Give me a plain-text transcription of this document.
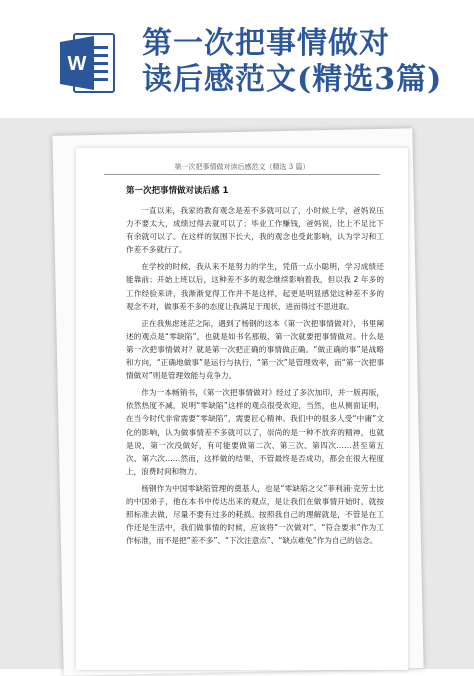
W
第一次把事情做对
读后感范文(精选3篇)
第一次把事情做对读后感范文（精选 3 篇）
第一次把事情做对读后感 1

一直以来，我家的教育观念是差不多就可以了，小时候上学，爸妈说压力不要太大，成绩过得去就可以了；毕业工作赚钱，爸妈说，比上不足比下有余就可以了。在这样的氛围下长大，我的观念也受此影响，认为学习和工作差不多就行了。

在学校的时候，我从来不是努力的学生，凭借一点小聪明，学习成绩还能靠前；开始上班以后，这种差不多的观念继续影响着我，但以我 2 年多的工作经验来讲，我渐渐觉得工作并不是这样，起更是明显感觉这种差不多的观念不对，做事差不多的态度让我满足于现状，进而得过不思进取。

正在我焦虑迷茫之际，遇到了杨钢的这本《第一次把事情做对》，书里阐述的观点是“零缺陷”，也就是如书名那般，第一次就要把事情做对。什么是第一次把事情做对？就是第一次把正确的事情做正确。“做正确的事”是战略和方向，“正确地做事”是运行与执行，“第一次”是管理效率，而“第一次把事情做对”则是管理效能与竞争力。

作为一本畅销书，《第一次把事情做对》经过了多次加印，并一版再版，依然热度不减，说明“零缺陷”这样的观点很受欢迎，当然，也从侧面证明，在当今时代非常需要“零缺陷”，需要匠心精神。我们中的很多人受“中庸”文化的影响，认为做事情差不多就可以了，崇尚的是一种不放弃的精神，也就是说，第一次没做好，有可能要做第二次、第三次、第四次……甚至第五次、第六次……然而，这样做的结果，不管最终是否成功，都会在很大程度上，浪费时间和物力。

杨钢作为中国零缺陷管理的奠基人，也是“零缺陷之父”菲利浦·克劳士比的中国弟子，他在本书中传达出来的观点，是让我们在做事情开始时，就按照标准去做，尽量不要有过多的耗损。按照我自己的理解就是，不管是在工作还是生活中，我们做事情的时候，应该将“一次做对”、“符合要求”作为工作标准，而不是把“差不多”、“下次注意点”、“缺点难免”作为自己的信念。
